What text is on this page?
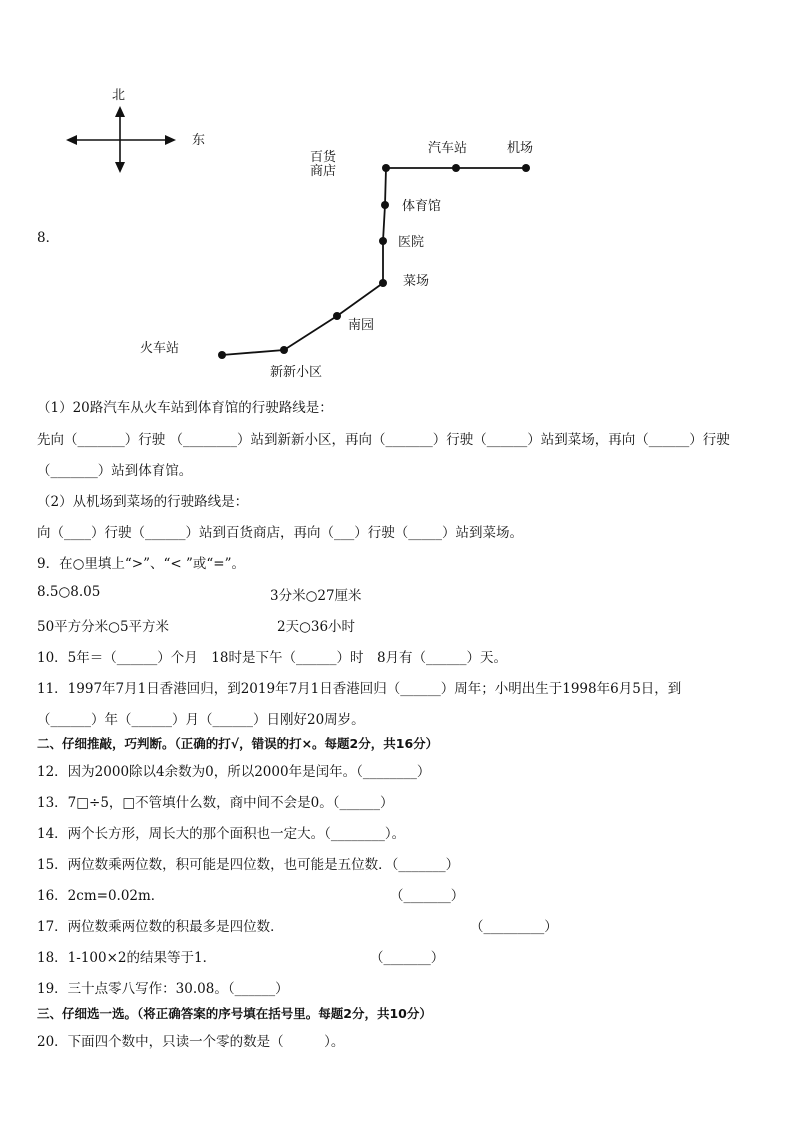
北
东
百货
商店
汽车站	机场
体育馆
医院
菜场
南园
火车站
新新小区
8．
（1）20路汽车从火车站到体育馆的行驶路线是：
先向（_______）行驶 （________）站到新新小区，再向（_______）行驶（______）站到菜场，再向（______）行驶
（_______）站到体育馆。
（2）从机场到菜场的行驶路线是：
向（____）行驶（______）站到百货商店，再向（___）行驶（_____）站到菜场。
9．在○里填上“>”、“< ”或“=”。
8.5○8.05	3分米○27厘米
50平方分米○5平方米	2天○36小时
10．5年＝（______）个月　18时是下午（______）时　8月有（______）天。
11．1997年7月1日香港回归，到2019年7月1日香港回归（______）周年；小明出生于1998年6月5日，到
（______）年（______）月（______）日刚好20周岁。
二、仔细推敲，巧判断。（正确的打√，错误的打×。每题2分，共16分）
12．因为2000除以4余数为0，所以2000年是闰年。（________）
13．7□÷5，□不管填什么数，商中间不会是0。（______）
14．两个长方形，周长大的那个面积也一定大。（________）。
15．两位数乘两位数，积可能是四位数，也可能是五位数．（_______）
16．2cm=0.02m．	（_______）
17．两位数乘两位数的积最多是四位数．	（_________）
18．1-100×2的结果等于1．	（_______）
19．三十点零八写作：30.08。（______）
三、仔细选一选。（将正确答案的序号填在括号里。每题2分，共10分）
20．下面四个数中，只读一个零的数是（　　　）。
